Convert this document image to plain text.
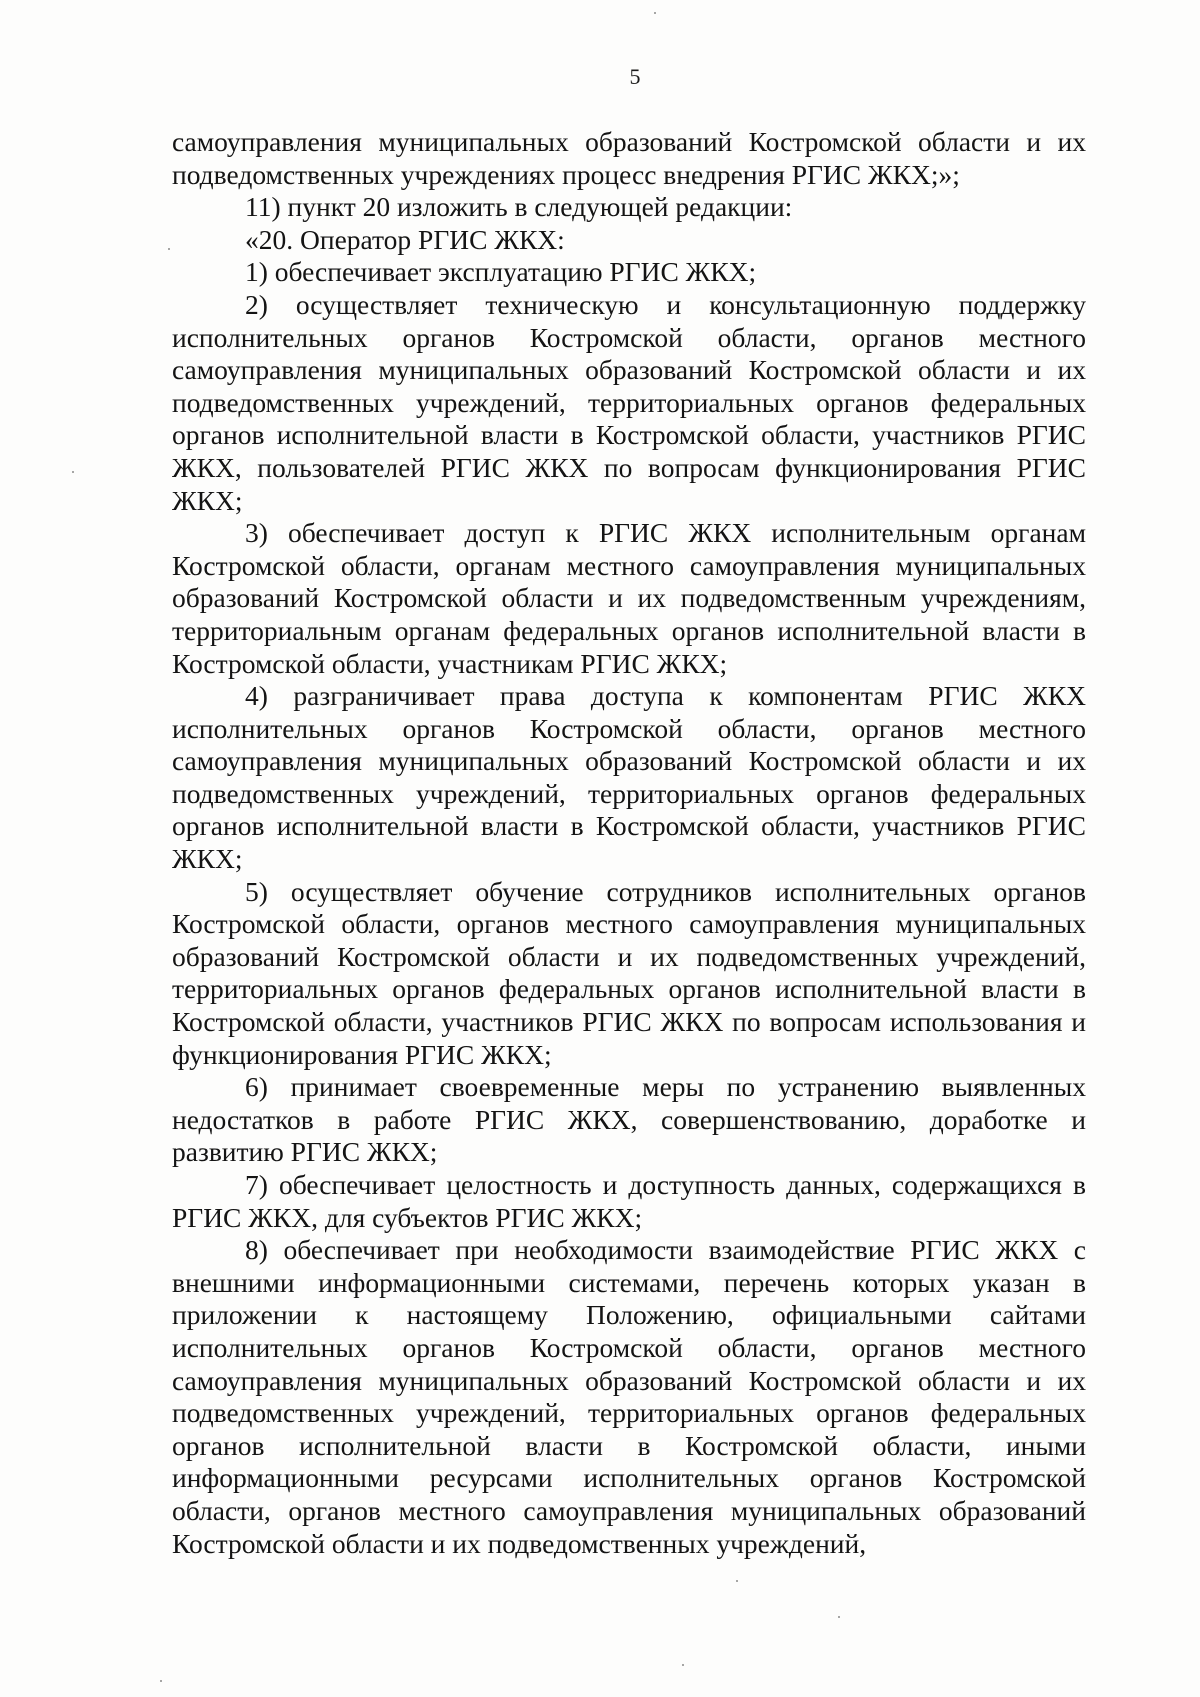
5

самоуправления муниципальных образований Костромской области и их подведомственных учреждениях процесс внедрения РГИС ЖКХ;»;

11) пункт 20 изложить в следующей редакции:

«20. Оператор РГИС ЖКХ:

1) обеспечивает эксплуатацию РГИС ЖКХ;

2) осуществляет техническую и консультационную поддержку исполнительных органов Костромской области, органов местного самоуправления муниципальных образований Костромской области и их подведомственных учреждений, территориальных органов федеральных органов исполнительной власти в Костромской области, участников РГИС ЖКХ, пользователей РГИС ЖКХ по вопросам функционирования РГИС ЖКХ;

3) обеспечивает доступ к РГИС ЖКХ исполнительным органам Костромской области, органам местного самоуправления муниципальных образований Костромской области и их подведомственным учреждениям, территориальным органам федеральных органов исполнительной власти в Костромской области, участникам РГИС ЖКХ;

4) разграничивает права доступа к компонентам РГИС ЖКХ исполнительных органов Костромской области, органов местного самоуправления муниципальных образований Костромской области и их подведомственных учреждений, территориальных органов федеральных органов исполнительной власти в Костромской области, участников РГИС ЖКХ;

5) осуществляет обучение сотрудников исполнительных органов Костромской области, органов местного самоуправления муниципальных образований Костромской области и их подведомственных учреждений, территориальных органов федеральных органов исполнительной власти в Костромской области, участников РГИС ЖКХ по вопросам использования и функционирования РГИС ЖКХ;

6) принимает своевременные меры по устранению выявленных недостатков в работе РГИС ЖКХ, совершенствованию, доработке и развитию РГИС ЖКХ;

7) обеспечивает целостность и доступность данных, содержащихся в РГИС ЖКХ, для субъектов РГИС ЖКХ;

8) обеспечивает при необходимости взаимодействие РГИС ЖКХ с внешними информационными системами, перечень которых указан в приложении к настоящему Положению, официальными сайтами исполнительных органов Костромской области, органов местного самоуправления муниципальных образований Костромской области и их подведомственных учреждений, территориальных органов федеральных органов исполнительной власти в Костромской области, иными информационными ресурсами исполнительных органов Костромской области, органов местного самоуправления муниципальных образований Костромской области и их подведомственных учреждений,
